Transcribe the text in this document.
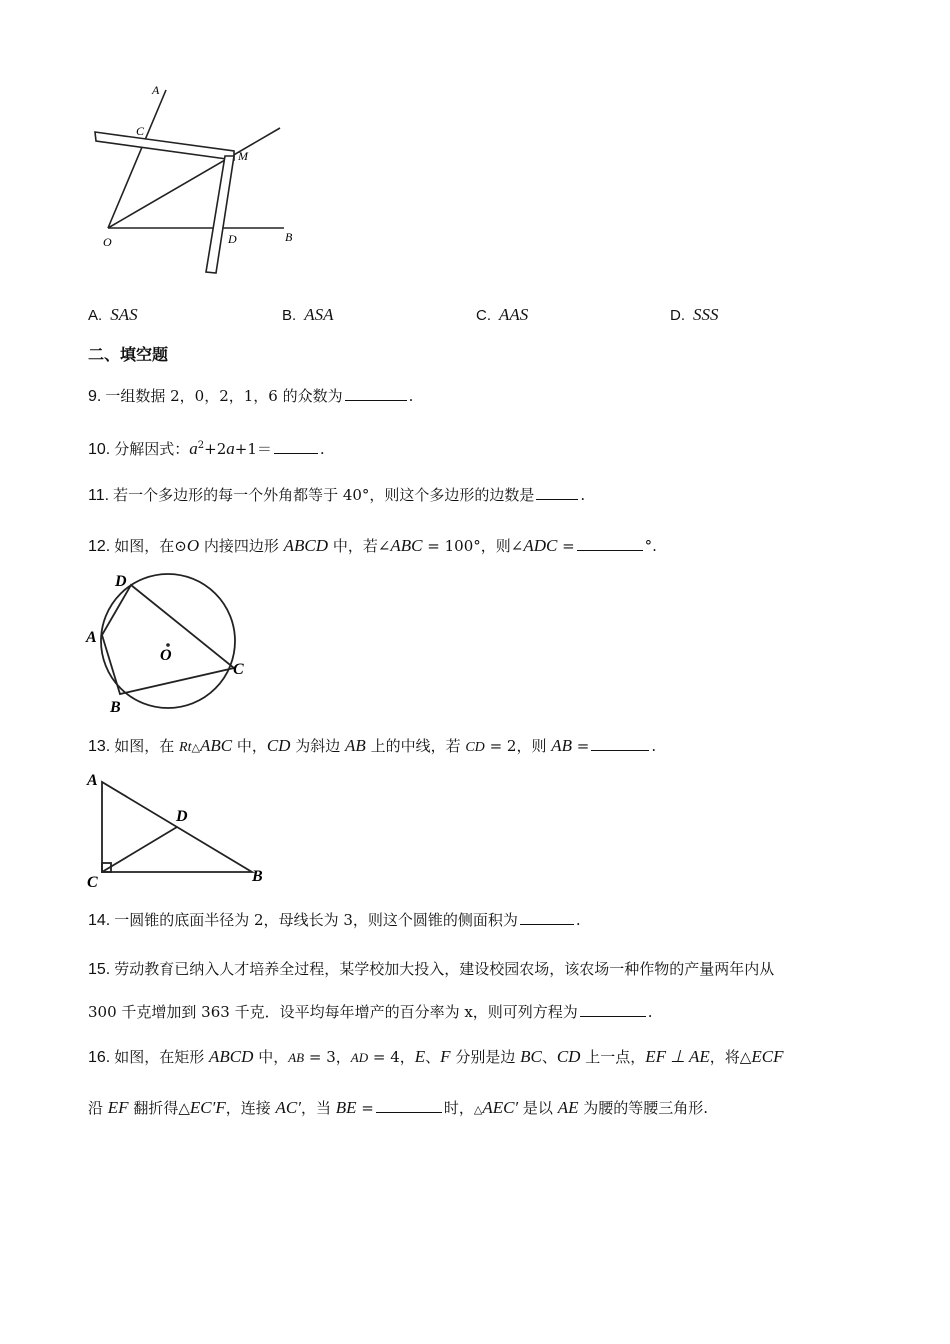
A
C
M
O	D	B
A. SAS	B. ASA	C. AAS	D. SSS
二、填空题
9. 一组数据 2，0，2，1，6 的众数为	.
10. 分解因式：$a^2+2a+1=$	.
11. 若一个多边形的每一个外角都等于 40°，则这个多边形的边数是	.
12. 如图，在⊙O 内接四边形 ABCD 中，若∠ABC = 100°，则∠ADC =	°.
D
A
O
C
B
13. 如图，在 Rt△ABC 中，CD 为斜边 AB 上的中线，若 CD = 2，则 AB =	.
A
D
C	B
14. 一圆锥的底面半径为 2，母线长为 3，则这个圆锥的侧面积为	.
15. 劳动教育已纳入人才培养全过程，某学校加大投入，建设校园农场，该农场一种作物的产量两年内从
300 千克增加到 363 千克．设平均每年增产的百分率为 x，则可列方程为	.
16. 如图，在矩形 ABCD 中，AB = 3，AD = 4，E、F 分别是边 BC、CD 上一点，EF ⊥ AE，将△ECF
沿 EF 翻折得△EC′F，连接 AC′，当 BE =	时，△AEC′ 是以 AE 为腰的等腰三角形.
